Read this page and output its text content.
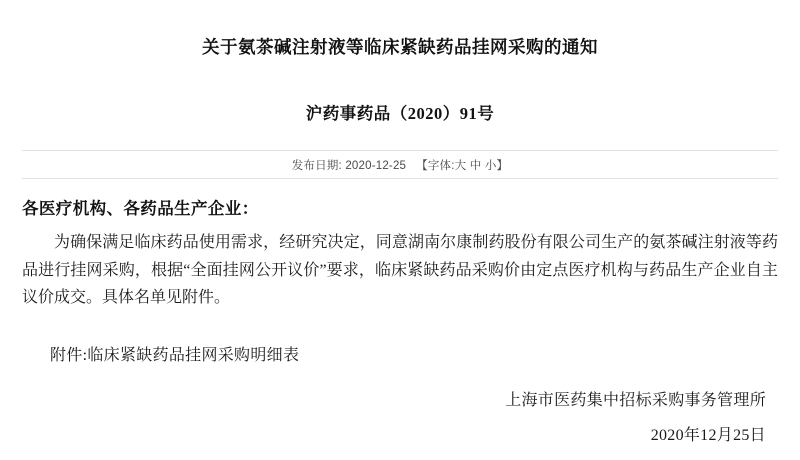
关于氨茶碱注射液等临床紧缺药品挂网采购的通知
沪药事药品（2020）91号
发布日期: 2020-12-25 【字体:大 中 小】
各医疗机构、各药品生产企业：

为确保满足临床药品使用需求，经研究决定，同意湖南尔康制药股份有限公司生产的氨茶碱注射液等药品进行挂网采购，根据“全面挂网公开议价”要求，临床紧缺药品采购价由定点医疗机构与药品生产企业自主议价成交。具体名单见附件。

附件:临床紧缺药品挂网采购明细表
上海市医药集中招标采购事务管理所
2020年12月25日
